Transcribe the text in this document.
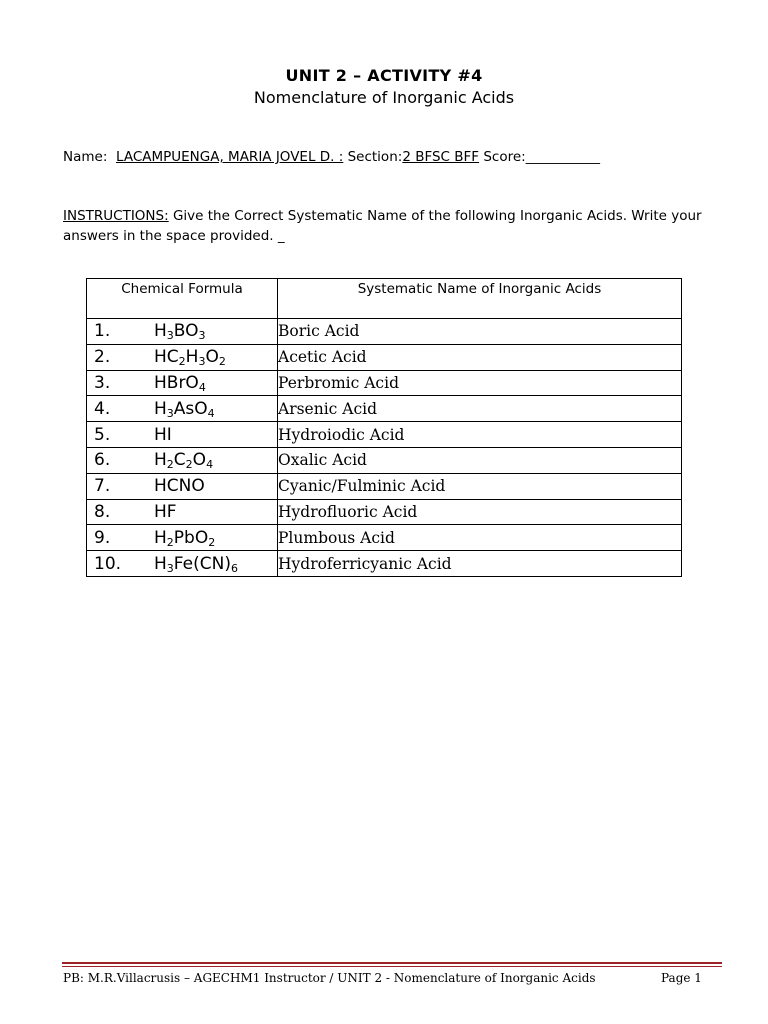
UNIT 2 – ACTIVITY #4
Nomenclature of Inorganic Acids
Name: LACAMPUENGA, MARIA JOVEL D. : Section:2 BFSC BFF Score:___________
INSTRUCTIONS: Give the Correct Systematic Name of the following Inorganic Acids. Write your answers in the space provided. _
Chemical Formula	Systematic Name of Inorganic Acids
1. $H_3BO_3$	Boric Acid
2. $HC_2H_3O_2$	Acetic Acid
3. HBrO$_4$	Perbromic Acid
4. $H_3AsO_4$	Arsenic Acid
5. HI	Hydroiodic Acid
6. $H_2C_2O_4$	Oxalic Acid
7. HCNO	Cyanic/Fulminic Acid
8. HF	Hydrofluoric Acid
9. $H_2PbO_2$	Plumbous Acid
10. $H_3Fe(CN)_6$	Hydroferricyanic Acid
PB: M.R.Villacrusis – AGECHM1 Instructor / UNIT 2 - Nomenclature of Inorganic Acids	Page 1
